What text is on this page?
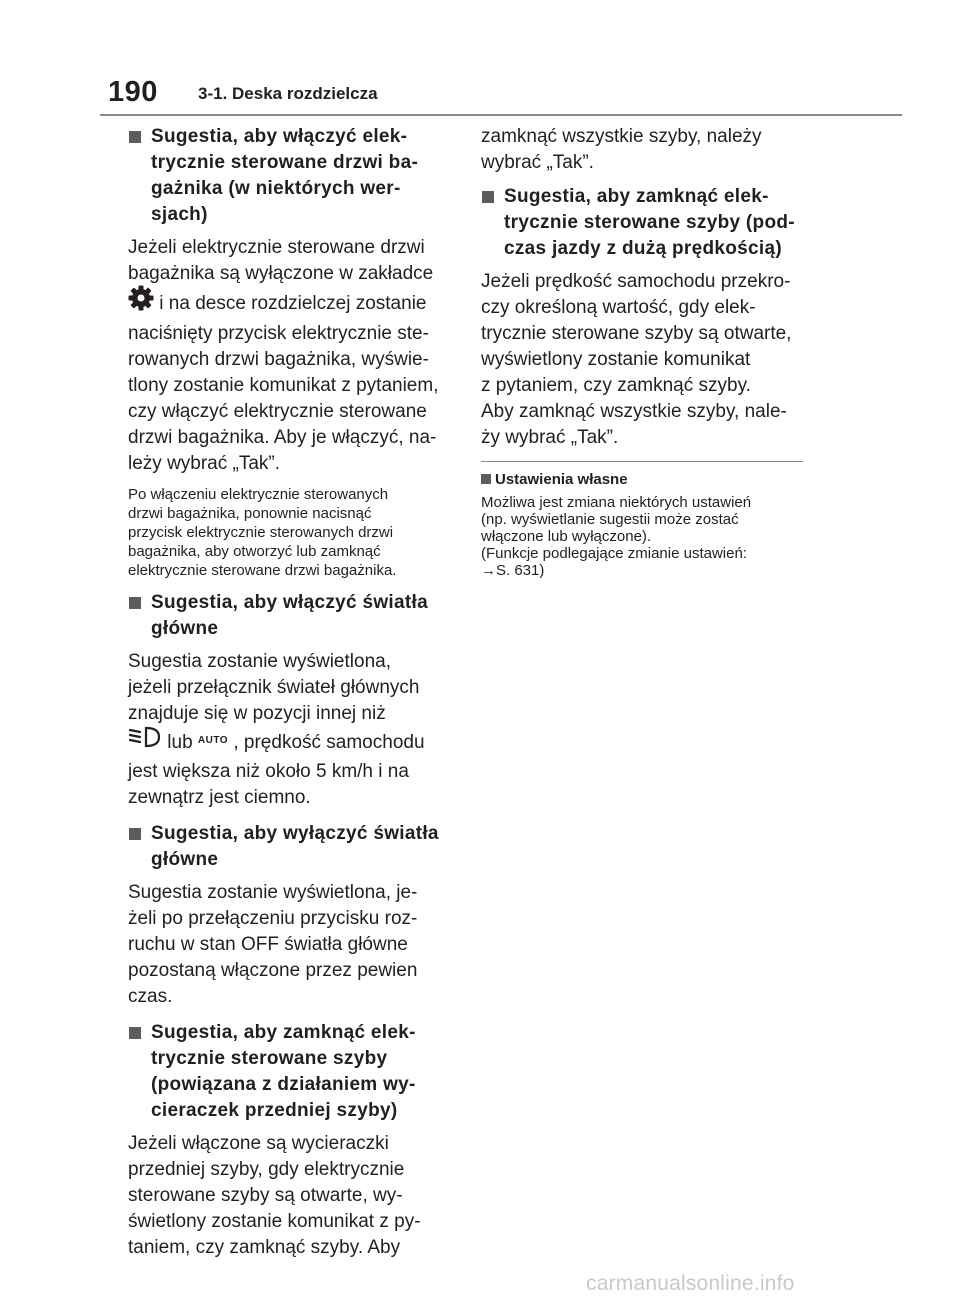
190 3-1. Deska rozdzielcza
Sugestia, aby włączyć elek-
trycznie sterowane drzwi ba-
gażnika (w niektórych wer-
sjach)
Jeżeli elektrycznie sterowane drzwi
bagażnika są wyłączone w zakładce
i na desce rozdzielczej zostanie
naciśnięty przycisk elektrycznie ste-
rowanych drzwi bagażnika, wyświe-
tlony zostanie komunikat z pytaniem,
czy włączyć elektrycznie sterowane
drzwi bagażnika. Aby je włączyć, na-
leży wybrać „Tak”.
Po włączeniu elektrycznie sterowanych
drzwi bagażnika, ponownie nacisnąć
przycisk elektrycznie sterowanych drzwi
bagażnika, aby otworzyć lub zamknąć
elektrycznie sterowane drzwi bagażnika.
Sugestia, aby włączyć światła
główne
Sugestia zostanie wyświetlona,
jeżeli przełącznik świateł głównych
znajduje się w pozycji innej niż
lub AUTO , prędkość samochodu
jest większa niż około 5 km/h i na
zewnątrz jest ciemno.
Sugestia, aby wyłączyć światła
główne
Sugestia zostanie wyświetlona, je-
żeli po przełączeniu przycisku roz-
ruchu w stan OFF światła główne
pozostaną włączone przez pewien
czas.
Sugestia, aby zamknąć elek-
trycznie sterowane szyby
(powiązana z działaniem wy-
cieraczek przedniej szyby)
Jeżeli włączone są wycieraczki
przedniej szyby, gdy elektrycznie
sterowane szyby są otwarte, wy-
świetlony zostanie komunikat z py-
taniem, czy zamknąć szyby. Aby
zamknąć wszystkie szyby, należy
wybrać „Tak”.
Sugestia, aby zamknąć elek-
trycznie sterowane szyby (pod-
czas jazdy z dużą prędkością)
Jeżeli prędkość samochodu przekro-
czy określoną wartość, gdy elek-
trycznie sterowane szyby są otwarte,
wyświetlony zostanie komunikat
z pytaniem, czy zamknąć szyby.
Aby zamknąć wszystkie szyby, nale-
ży wybrać „Tak”.
Ustawienia własne
Możliwa jest zmiana niektórych ustawień
(np. wyświetlanie sugestii może zostać
włączone lub wyłączone).
(Funkcje podlegające zmianie ustawień:
→S. 631)
carmanualsonline.info
